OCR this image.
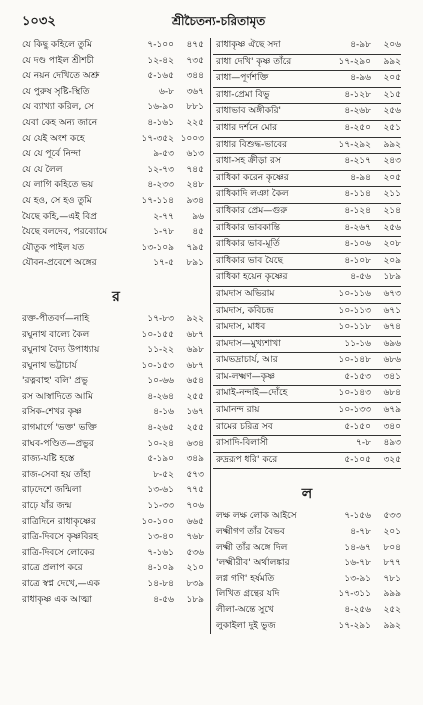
১০৩২	শ্রীচৈতন্য-চরিতামৃত
যে কিছু কহিলে তুমি	৭-১০০	৪৭৫
যে দণ্ড পাইল শ্রীশচী	১২-৪২	৭৩৫
যে নয়ন দেখিতে অশ্রু	৫-১৬৫	৩৪৪
যে পুরুষ সৃষ্টি-স্থিতি	৬-৮	৩৬৭
যে ব্যাখ্যা করিল, সে	১৬-৯০	৮৮১
যেবা কেহ অন্য জানে	৪-১৬১	২২৫
যে যেই অংশ কহে	১৭-৩৫২ ১০০৩
যে যে পূর্বে নিন্দা	৯-৫৩	৬১৩
যে যে লৈল	১২-৭৩	৭৪৫
যে লাগি কহিতে ভয়	৪-২৩৩	২৪৮
যে হও, সে হও তুমি	১৭-১১৪	৯৩৪
যৈছে কহি,—এই বিপ্র	২-৭৭	৯৬
যৈছে বলদেব, পরব্যোমে	১-৭৮	৪৫
যৌতুক পাইল যত	১৩-১০৯	৭৯৫
যৌবন-প্রবেশে অঙ্গের	১৭-৫	৮৯১
র
রক্ত-পীতবর্ণ—নাহি	১৭-৮৩	৯২২
রঘুনাথ বাল্যে কৈল	১০-১৫৫	৬৮৭
রঘুনাথ বৈদ্য উপাধ্যায়	১১-২২	৬৯৮
রঘুনাথ ভট্টাচার্য	১০-১৫৩	৬৮৭
'রত্নবাহু' বলি' প্রভু	১০-৬৬	৬৫৪
রস আস্বাদিতে আমি	৪-২৬৪	২৫৫
রসিক-শেখর কৃষ্ণ	৪-১৬	১৬৭
রাগমার্গে 'ভক্ত' ভক্তি	৪-২৬৫	২৫৫
রাঘব-পণ্ডিত—প্রভুর	১০-২৪	৬৩৪
রাজ্য-যষ্টি হস্তে	৫-১৯০	৩৪৯
রাজ-সেবা হয় তাঁহা	৮-৫২	৫৭৩
রাঢ়দেশে জন্মিলা	১৩-৬১	৭৭৫
রাঢ়ে যাঁর জন্ম	১১-৩৩	৭০৬
রাত্রিদিনে রাধাকৃষ্ণের	১০-১০০	৬৬৫
রাত্রি-দিবসে কৃষ্ণবিরহ	১৩-৪০	৭৬৮
রাত্রি-দিবসে লোকের	৭-১৬১	৫৩৬
রাত্রে প্রলাপ করে	৪-১০৯	২১০
রাত্রে স্বপ্ন দেখে,—এক	১৪-৮৪	৮৩৯
রাধাকৃষ্ণ এক আত্মা	৪-৫৬	১৮৯
রাধাকৃষ্ণ ঐছে সদা	৪-৯৮	২০৬
রাধা দেখি' কৃষ্ণ তাঁরে	১৭-২৯০	৯৯২
রাধা—পূর্ণশক্তি	৪-৯৬	২০৫
রাধা-প্রেমা বিভু	৪-১২৮	২১৫
রাধাভাব অঙ্গীকরি'	৪-২৬৮	২৫৬
রাধার দর্শনে মোর	৪-২৫০	২৫১
রাধার বিশুদ্ধ-ভাবের	১৭-২৯২	৯৯২
রাধা-সহ ক্রীড়া রস	৪-২১৭	২৪৩
রাধিকা করেন কৃষ্ণের	৪-৯৪	২০৫
রাধিকাদি লঞা কৈল	৪-১১৪	২১১
রাধিকার প্রেম—গুরু	৪-১২৪	২১৪
রাধিকার ভাবকান্তি	৪-২৬৭	২৫৬
রাধিকার ভাব-মূর্তি	৪-১০৬	২০৮
রাধিকার ভাব যৈছে	৪-১০৮	২০৯
রাধিকা হয়েন কৃষ্ণের	৪-৫৬	১৮৯
রামদাস অভিরাম	১০-১১৬	৬৭৩
রামদাস, কবিচন্দ্র	১০-১১৩	৬৭১
রামদাস, মাধব	১০-১১৮	৬৭৪
রামদাস—মুখ্যশাখা	১১-১৬	৬৯৬
রামভদ্রাচার্য, আর	১০-১৪৮	৬৮৬
রাম-লক্ষ্মণ—কৃষ্ণ	৫-১৫৩	৩৪১
রামাই-নন্দাই—দোঁহে	১০-১৪৩	৬৮৪
রামানন্দ রায়	১০-১৩৩	৬৭৯
রামের চরিত্র সব	৫-১৫০	৩৪০
রাসাদি-বিলাসী	৭-৮	৪৯৩
রুদ্ররূপ ধরি' করে	৫-১০৫	৩২৫
ল
লক্ষ লক্ষ লোক আইসে	৭-১৫৬	৫৩৩
লক্ষ্মীগণ তাঁর বৈভব	৪-৭৮	২০১
লক্ষ্মী তাঁর অঙ্গে দিল	১৪-৬৭	৮০৪
'লক্ষ্মীরীব' অর্থালঙ্কার	১৬-৭৮	৮৭৭
লগ্ন গণি' হর্ষমতি	১৩-৯১	৭৮১
লিখিত গ্রন্থের যদি	১৭-৩১১	৯৯৯
লীলা-অন্তে সুখে	৪-২৫৬	২৫২
লুকাইলা দুই ভুজ	১৭-২৯১	৯৯২
